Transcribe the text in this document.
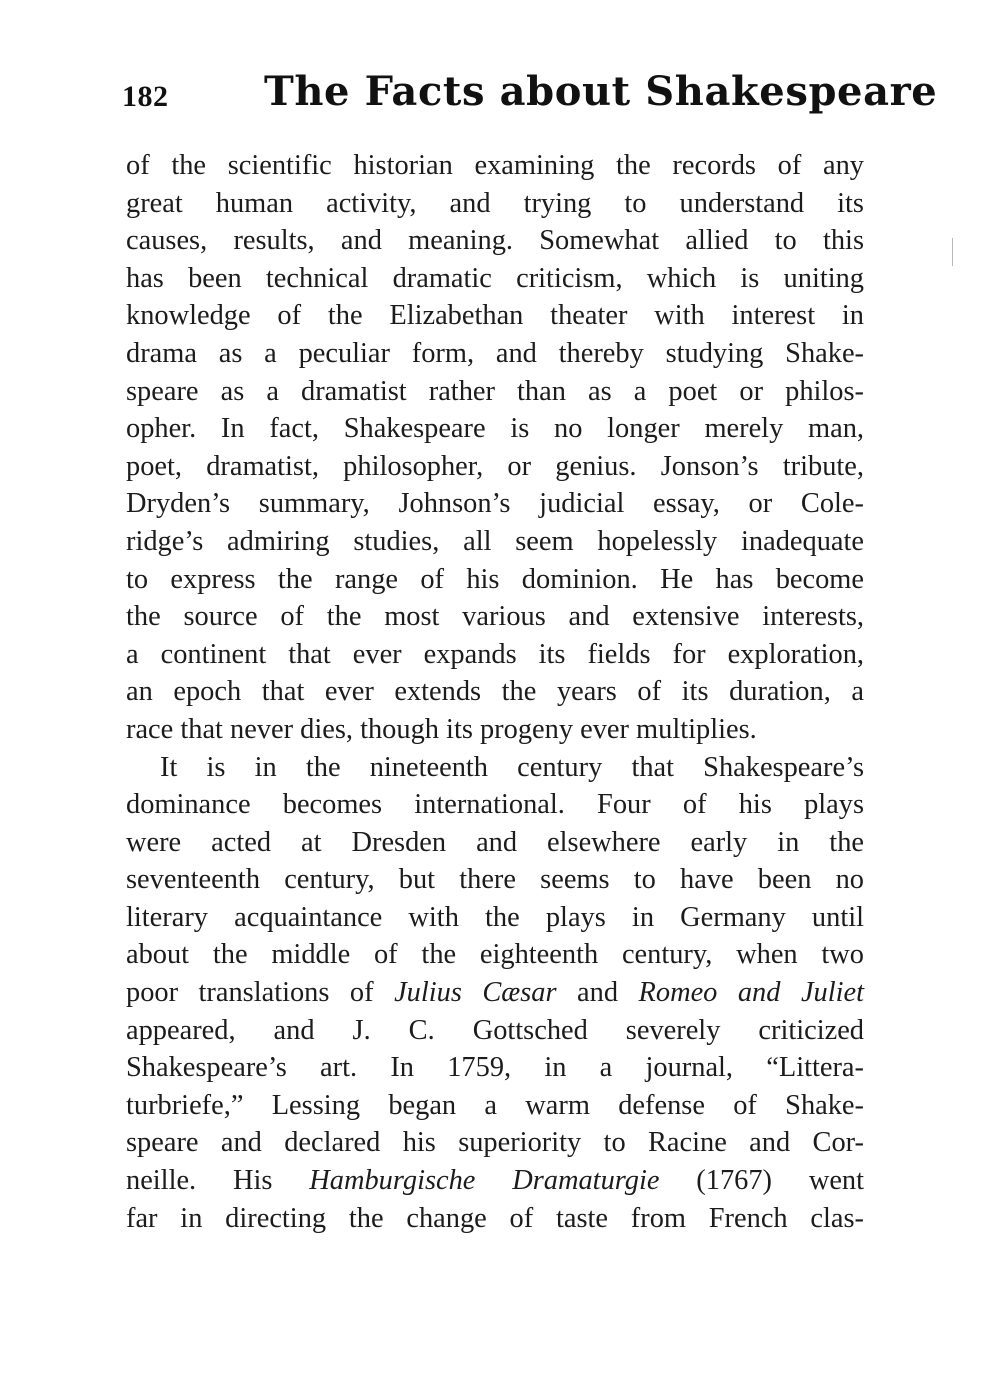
182 The Facts about Shakespeare
of the scientific historian examining the records of any
great human activity, and trying to understand its
causes, results, and meaning. Somewhat allied to this
has been technical dramatic criticism, which is uniting
knowledge of the Elizabethan theater with interest in
drama as a peculiar form, and thereby studying Shake-
speare as a dramatist rather than as a poet or philos-
opher. In fact, Shakespeare is no longer merely man,
poet, dramatist, philosopher, or genius. Jonson’s tribute,
Dryden’s summary, Johnson’s judicial essay, or Cole-
ridge’s admiring studies, all seem hopelessly inadequate
to express the range of his dominion. He has become
the source of the most various and extensive interests,
a continent that ever expands its fields for exploration,
an epoch that ever extends the years of its duration, a
race that never dies, though its progeny ever multiplies.
It is in the nineteenth century that Shakespeare’s
dominance becomes international. Four of his plays
were acted at Dresden and elsewhere early in the
seventeenth century, but there seems to have been no
literary acquaintance with the plays in Germany until
about the middle of the eighteenth century, when two
poor translations of Julius Cæsar and Romeo and Juliet
appeared, and J. C. Gottsched severely criticized
Shakespeare’s art. In 1759, in a journal, “Littera-
turbriefe,” Lessing began a warm defense of Shake-
speare and declared his superiority to Racine and Cor-
neille. His Hamburgische Dramaturgie (1767) went
far in directing the change of taste from French clas-
